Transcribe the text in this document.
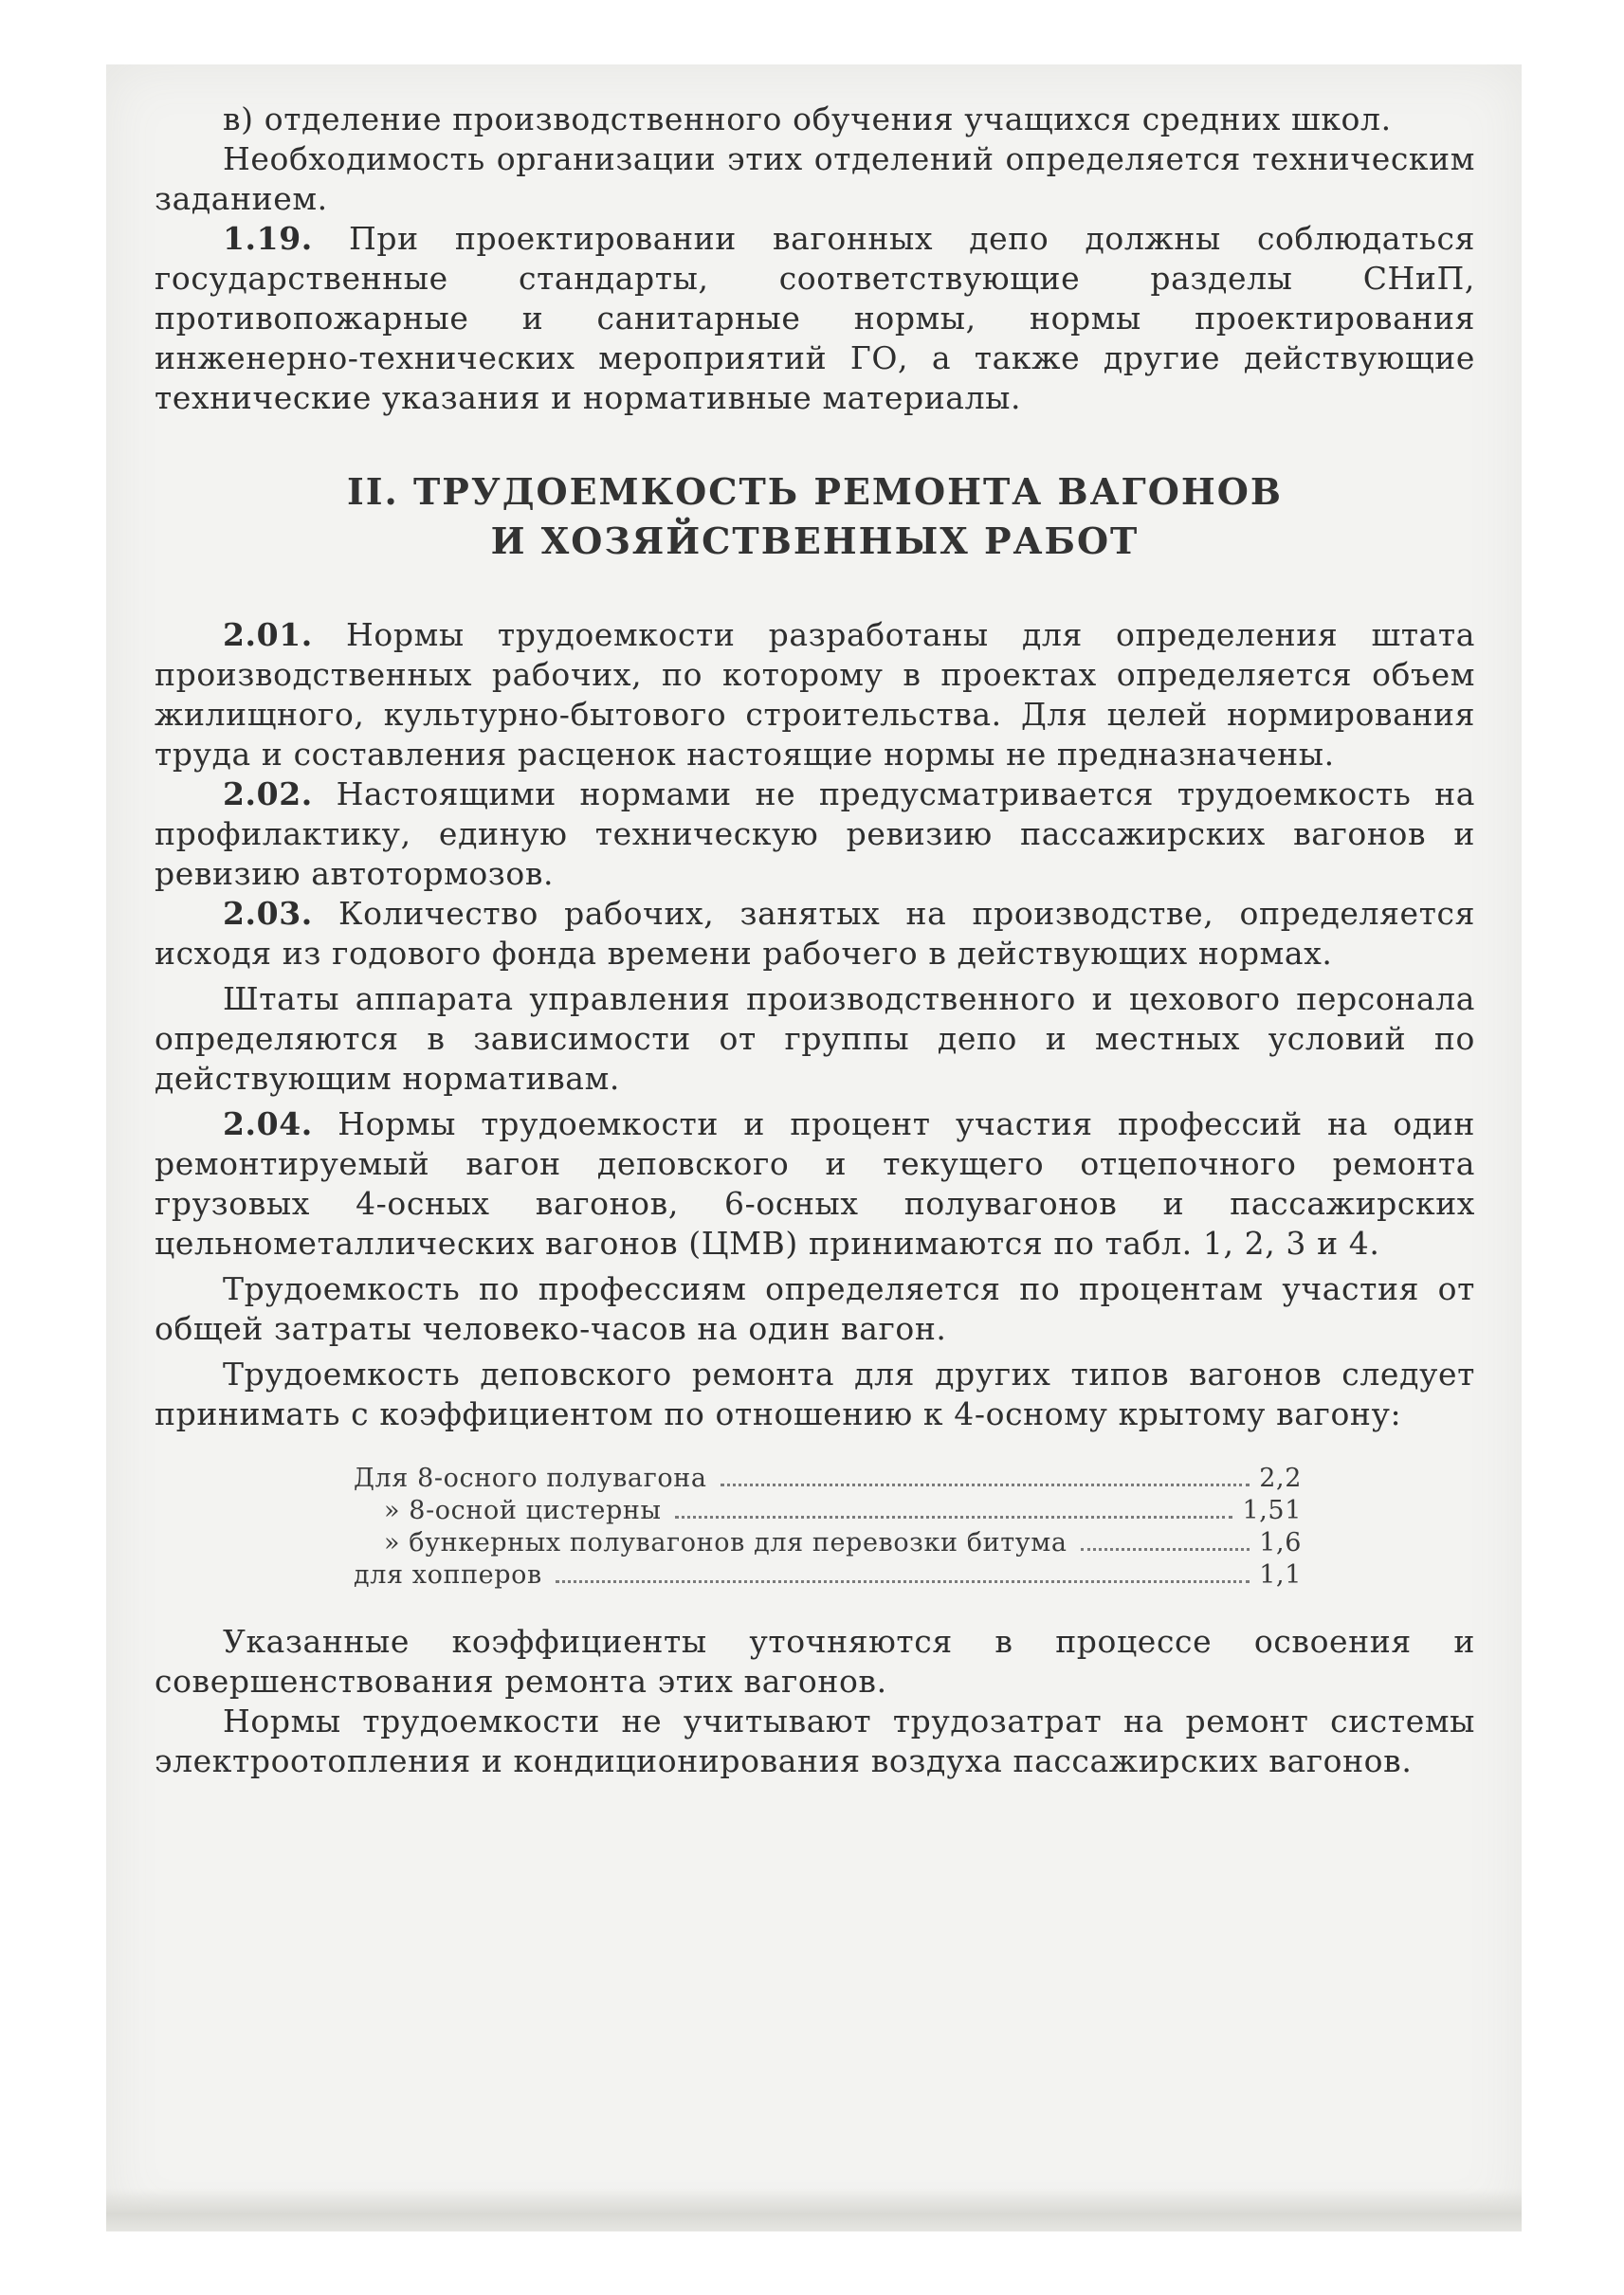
в) отделение производственного обучения учащихся средних школ.

Необходимость организации этих отделений определяется техническим заданием.

1.19. При проектировании вагонных депо должны соблюдаться государственные стандарты, соответствующие разделы СНиП, противопожарные и санитарные нормы, нормы проектирования инженерно-технических мероприятий ГО, а также другие действующие технические указания и нормативные материалы.

II. ТРУДОЕМКОСТЬ РЕМОНТА ВАГОНОВ
И ХОЗЯЙСТВЕННЫХ РАБОТ

2.01. Нормы трудоемкости разработаны для определения штата производственных рабочих, по которому в проектах определяется объем жилищного, культурно-бытового строительства. Для целей нормирования труда и составления расценок настоящие нормы не предназначены.

2.02. Настоящими нормами не предусматривается трудоемкость на профилактику, единую техническую ревизию пассажирских вагонов и ревизию автотормозов.

2.03. Количество рабочих, занятых на производстве, определяется исходя из годового фонда времени рабочего в действующих нормах.

Штаты аппарата управления производственного и цехового персонала определяются в зависимости от группы депо и местных условий по действующим нормативам.

2.04. Нормы трудоемкости и процент участия профессий на один ремонтируемый вагон деповского и текущего отцепочного ремонта грузовых 4-осных вагонов, 6-осных полувагонов и пассажирских цельнометаллических вагонов (ЦМВ) принимаются по табл. 1, 2, 3 и 4.

Трудоемкость по профессиям определяется по процентам участия от общей затраты человеко-часов на один вагон.

Трудоемкость деповского ремонта для других типов вагонов следует принимать с коэффициентом по отношению к 4-осному крытому вагону:

Для 8-осного полувагона	2,2
» 8-осной цистерны	1,51
» бункерных полувагонов для перевозки битума	1,6
для хопперов	1,1

Указанные коэффициенты уточняются в процессе освоения и совершенствования ремонта этих вагонов.

Нормы трудоемкости не учитывают трудозатрат на ремонт системы электроотопления и кондиционирования воздуха пассажирских вагонов.
